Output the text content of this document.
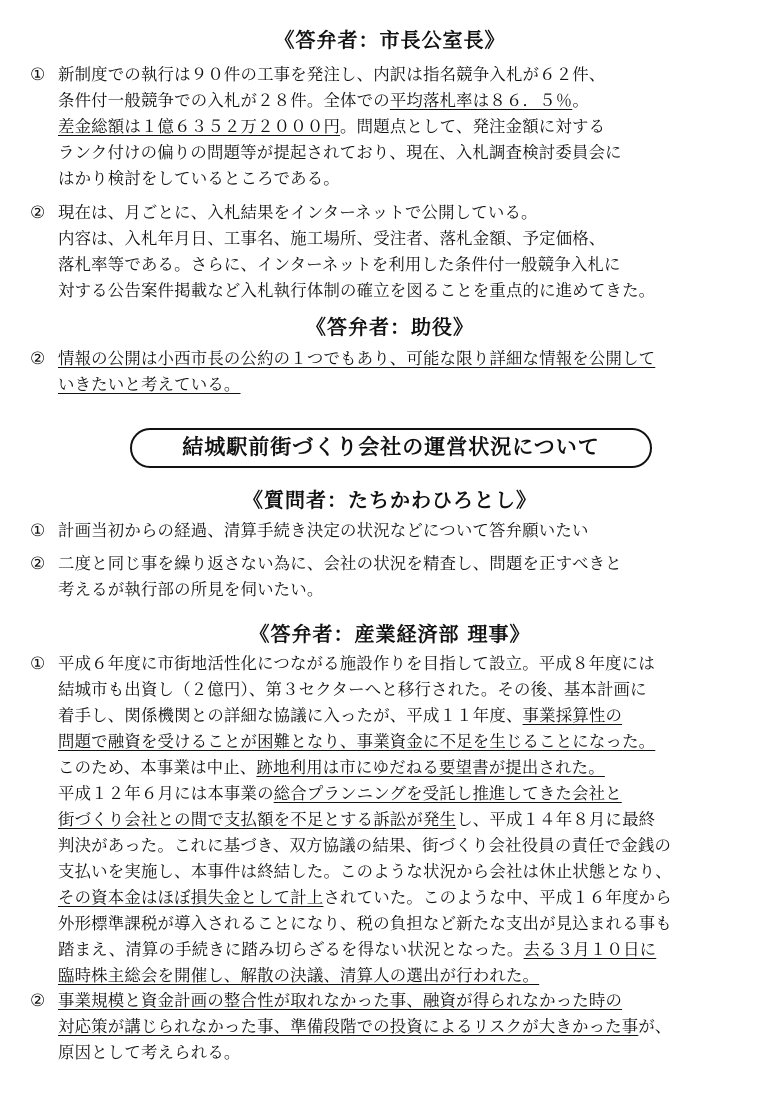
《答弁者：市長公室長》
① 新制度での執行は９０件の工事を発注し、内訳は指名競争入札が６２件、
条件付一般競争での入札が２８件。全体での平均落札率は８６．５％。
差金総額は１億６３５２万２０００円。問題点として、発注金額に対する
ランク付けの偏りの問題等が提起されており、現在、入札調査検討委員会に
はかり検討をしているところである。
② 現在は、月ごとに、入札結果をインターネットで公開している。
内容は、入札年月日、工事名、施工場所、受注者、落札金額、予定価格、
落札率等である。さらに、インターネットを利用した条件付一般競争入札に
対する公告案件掲載など入札執行体制の確立を図ることを重点的に進めてきた。
《答弁者：助役》
② 情報の公開は小西市長の公約の１つでもあり、可能な限り詳細な情報を公開して
いきたいと考えている。
結城駅前街づくり会社の運営状況について
《質問者：たちかわひろとし》
① 計画当初からの経過、清算手続き決定の状況などについて答弁願いたい
② 二度と同じ事を繰り返さない為に、会社の状況を精査し、問題を正すべきと
考えるが執行部の所見を伺いたい。
《答弁者：産業経済部 理事》
① 平成６年度に市街地活性化につながる施設作りを目指して設立。平成８年度には
結城市も出資し（２億円）、第３セクターへと移行された。その後、基本計画に
着手し、関係機関との詳細な協議に入ったが、平成１１年度、事業採算性の
問題で融資を受けることが困難となり、事業資金に不足を生じることになった。
このため、本事業は中止、跡地利用は市にゆだねる要望書が提出された。
平成１２年６月には本事業の総合プランニングを受託し推進してきた会社と
街づくり会社との間で支払額を不足とする訴訟が発生し、平成１４年８月に最終
判決があった。これに基づき、双方協議の結果、街づくり会社役員の責任で金銭の
支払いを実施し、本事件は終結した。このような状況から会社は休止状態となり、
その資本金はほぼ損失金として計上されていた。このような中、平成１６年度から
外形標準課税が導入されることになり、税の負担など新たな支出が見込まれる事も
踏まえ、清算の手続きに踏み切らざるを得ない状況となった。去る３月１０日に
臨時株主総会を開催し、解散の決議、清算人の選出が行われた。
② 事業規模と資金計画の整合性が取れなかった事、融資が得られなかった時の
対応策が講じられなかった事、準備段階での投資によるリスクが大きかった事が、
原因として考えられる。
